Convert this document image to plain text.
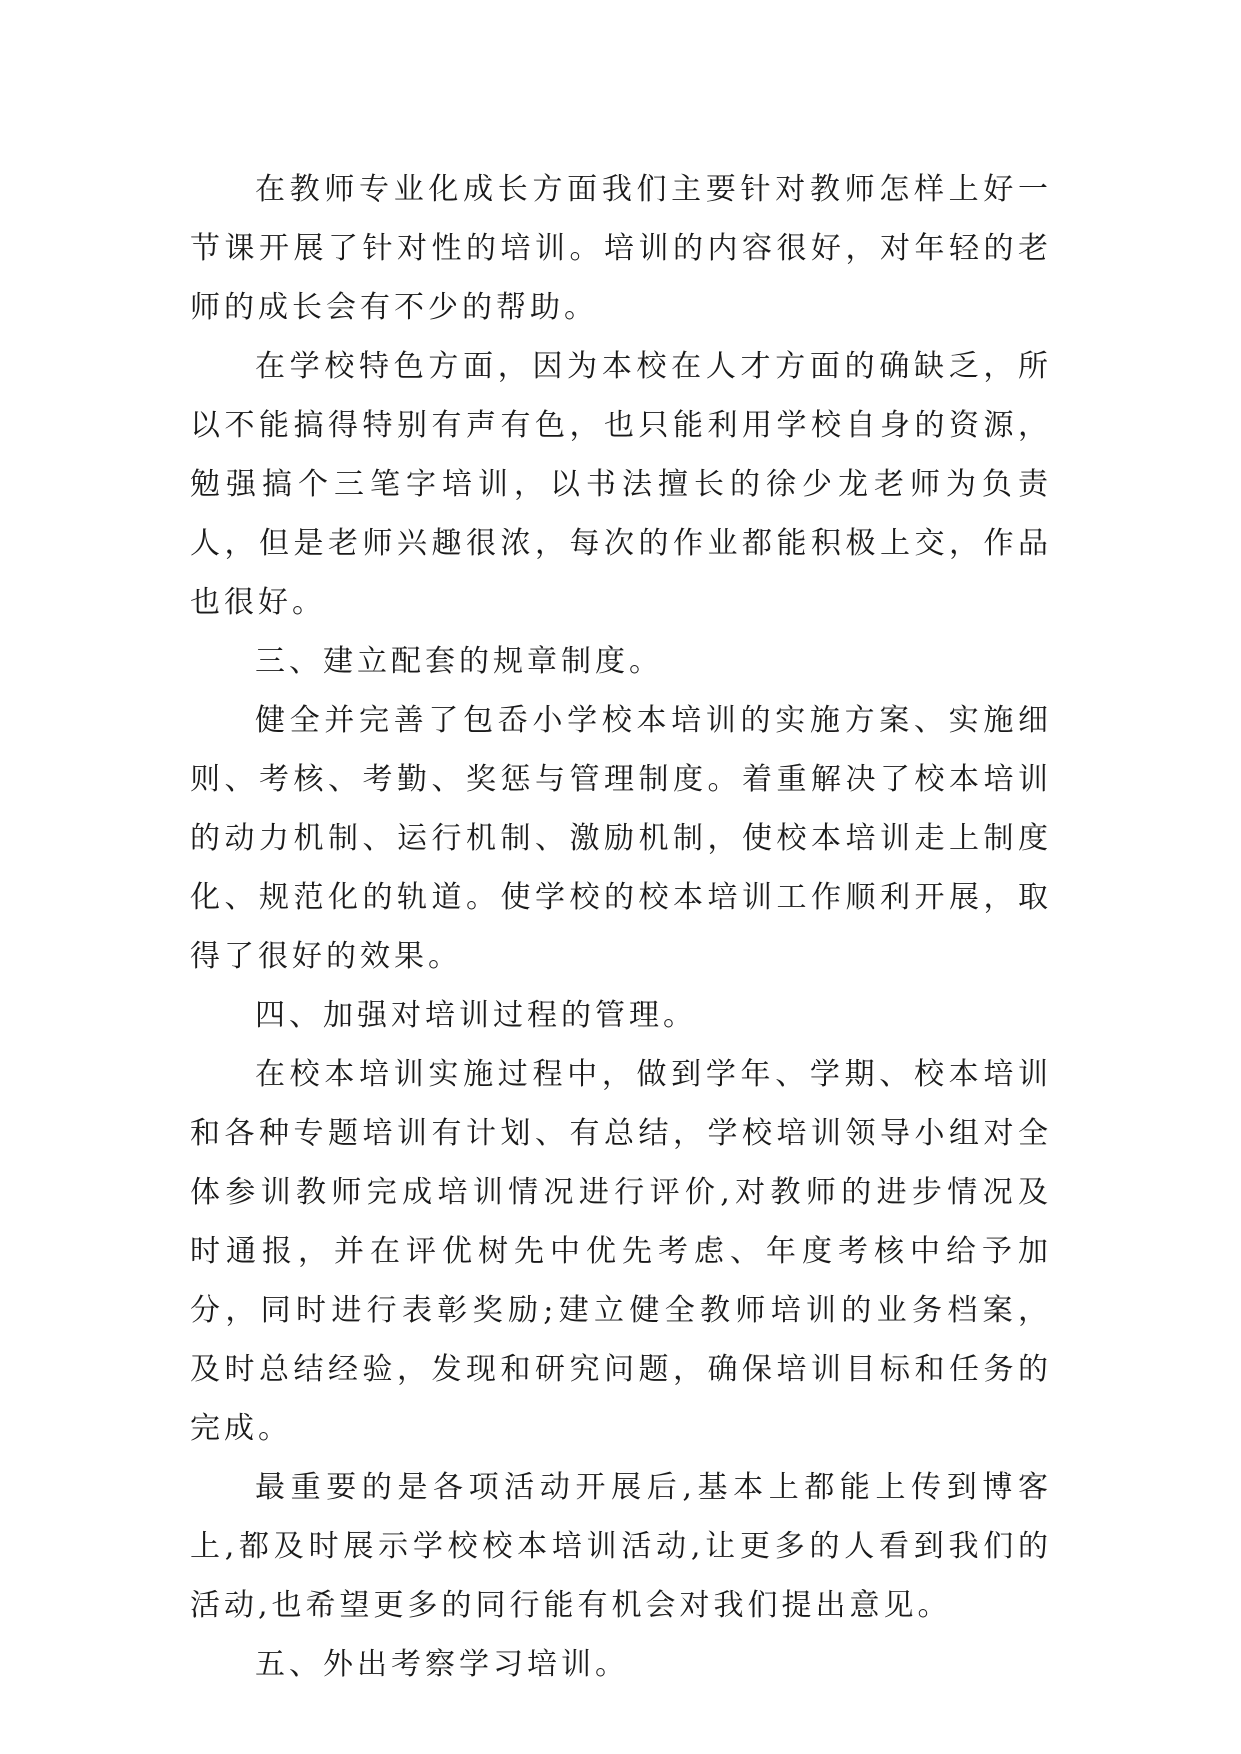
在教师专业化成长方面我们主要针对教师怎样上好一节课开展了针对性的培训。培训的内容很好，对年轻的老师的成长会有不少的帮助。

在学校特色方面，因为本校在人才方面的确缺乏，所以不能搞得特别有声有色，也只能利用学校自身的资源，勉强搞个三笔字培训，以书法擅长的徐少龙老师为负责人，但是老师兴趣很浓，每次的作业都能积极上交，作品也很好。

三、建立配套的规章制度。

健全并完善了包岙小学校本培训的实施方案、实施细则、考核、考勤、奖惩与管理制度。着重解决了校本培训的动力机制、运行机制、激励机制，使校本培训走上制度化、规范化的轨道。使学校的校本培训工作顺利开展，取得了很好的效果。

四、加强对培训过程的管理。

在校本培训实施过程中，做到学年、学期、校本培训和各种专题培训有计划、有总结，学校培训领导小组对全体参训教师完成培训情况进行评价,对教师的进步情况及时通报，并在评优树先中优先考虑、年度考核中给予加分，同时进行表彰奖励;建立健全教师培训的业务档案，及时总结经验，发现和研究问题，确保培训目标和任务的完成。

最重要的是各项活动开展后,基本上都能上传到博客上,都及时展示学校校本培训活动,让更多的人看到我们的活动,也希望更多的同行能有机会对我们提出意见。

五、外出考察学习培训。
